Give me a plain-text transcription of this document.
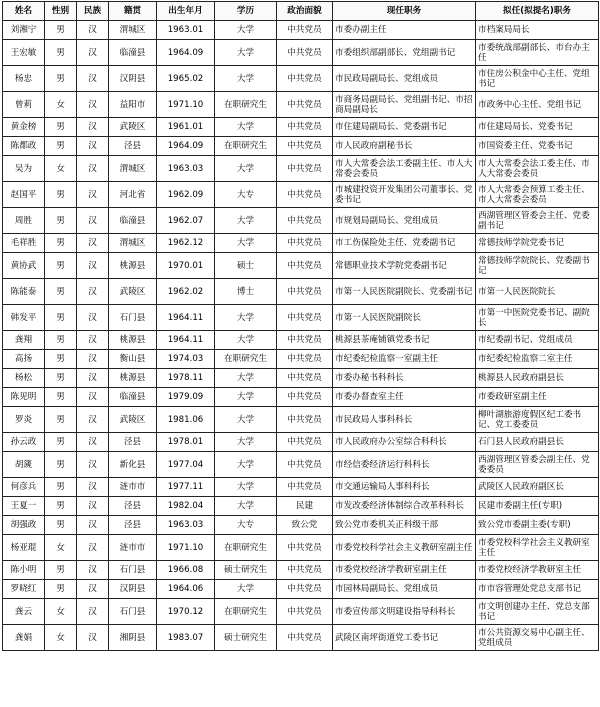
姓名	性别	民族	籍贯	出生年月	学历	政治面貌	现任职务	拟任(拟提名)职务
刘湘宁	男	汉	渭城区	1963.01	大学	中共党员	市委办副主任	市档案局局长
王宏敏	男	汉	临潼县	1964.09	大学	中共党员	市委组织部副部长、党组副书记	市委统战部副部长、市台办主任
杨忠	男	汉	汉阴县	1965.02	大学	中共党员	市民政局副局长、党组成员	市住房公积金中心主任、党组书记
曾莉	女	汉	益阳市	1971.10	在职研究生	中共党员	市商务局副局长、党组副书记、市招商局副局长	市政务中心主任、党组书记
黄金榜	男	汉	武陵区	1961.01	大学	中共党员	市住建局副局长、党委副书记	市住建局局长、党委书记
陈都政	男	汉	泾县	1964.09	在职研究生	中共党员	市人民政府副秘书长	市国资委主任、党委书记
吴为	女	汉	渭城区	1963.03	大学	中共党员	市人大常委会法工委副主任、市人大常委会委员	市人大常委会法工委主任、市人大常委会委员
赵国平	男	汉	河北省	1962.09	大专	中共党员	市城建投资开发集团公司董事长、党委书记	市人大常委会预算工委主任、市人大常委会委员
周胜	男	汉	临潼县	1962.07	大学	中共党员	市规划局副局长、党组成员	西湖管理区管委会主任、党委副书记
毛祥胜	男	汉	渭城区	1962.12	大学	中共党员	市工伤保险处主任、党委副书记	常德技师学院党委书记
黄协武	男	汉	桃源县	1970.01	硕士	中共党员	常德职业技术学院党委副书记	常德技师学院院长、党委副书记
陈能泰	男	汉	武陵区	1962.02	博士	中共党员	市第一人民医院副院长、党委副书记	市第一人民医院院长
韩发平	男	汉	石门县	1964.11	大学	中共党员	市第一人民医院副院长	市第一中医院党委书记、副院长
龚翔	男	汉	桃源县	1964.11	大学	中共党员	桃源县茶庵铺镇党委书记	市纪委副书记、党组成员
高扬	男	汉	衡山县	1974.03	在职研究生	中共党员	市纪委纪检监察一室副主任	市纪委纪检监察二室主任
杨松	男	汉	桃源县	1978.11	大学	中共党员	市委办秘书科科长	桃源县人民政府副县长
陈见明	男	汉	临潼县	1979.09	大学	中共党员	市委办督查室主任	市委政研室副主任
罗炎	男	汉	武陵区	1981.06	大学	中共党员	市民政局人事科科长	柳叶湖旅游度假区纪工委书记、党工委委员
孙云政	男	汉	泾县	1978.01	大学	中共党员	市人民政府办公室综合科科长	石门县人民政府副县长
胡篪	男	汉	新化县	1977.04	大学	中共党员	市经信委经济运行科科长	西湖管理区管委会副主任、党委委员
何彦兵	男	汉	涟市市	1977.11	大学	中共党员	市交通运输局人事科科长	武陵区人民政府副区长
王夏一	男	汉	泾县	1982.04	大学	民建	市发改委经济体制综合改革科科长	民建市委副主任(专职)
胡强政	男	汉	泾县	1963.03	大专	致公党	致公党市委机关正科级干部	致公党市委副主委(专职)
杨亚琨	女	汉	涟市市	1971.10	在职研究生	中共党员	市委党校科学社会主义教研室副主任	市委党校科学社会主义教研室主任
陈小明	男	汉	石门县	1966.08	硕士研究生	中共党员	市委党校经济学教研室副主任	市委党校经济学教研室主任
罗晓红	男	汉	汉阴县	1964.06	大学	中共党员	市园林局副局长、党组成员	市市容管理处党总支部书记
龚云	女	汉	石门县	1970.12	在职研究生	中共党员	市委宣传部文明建设指导科科长	市文明创建办主任、党总支部书记
龚娟	女	汉	湘阴县	1983.07	硕士研究生	中共党员	武陵区南坪街道党工委书记	市公共资源交易中心副主任、党组成员
